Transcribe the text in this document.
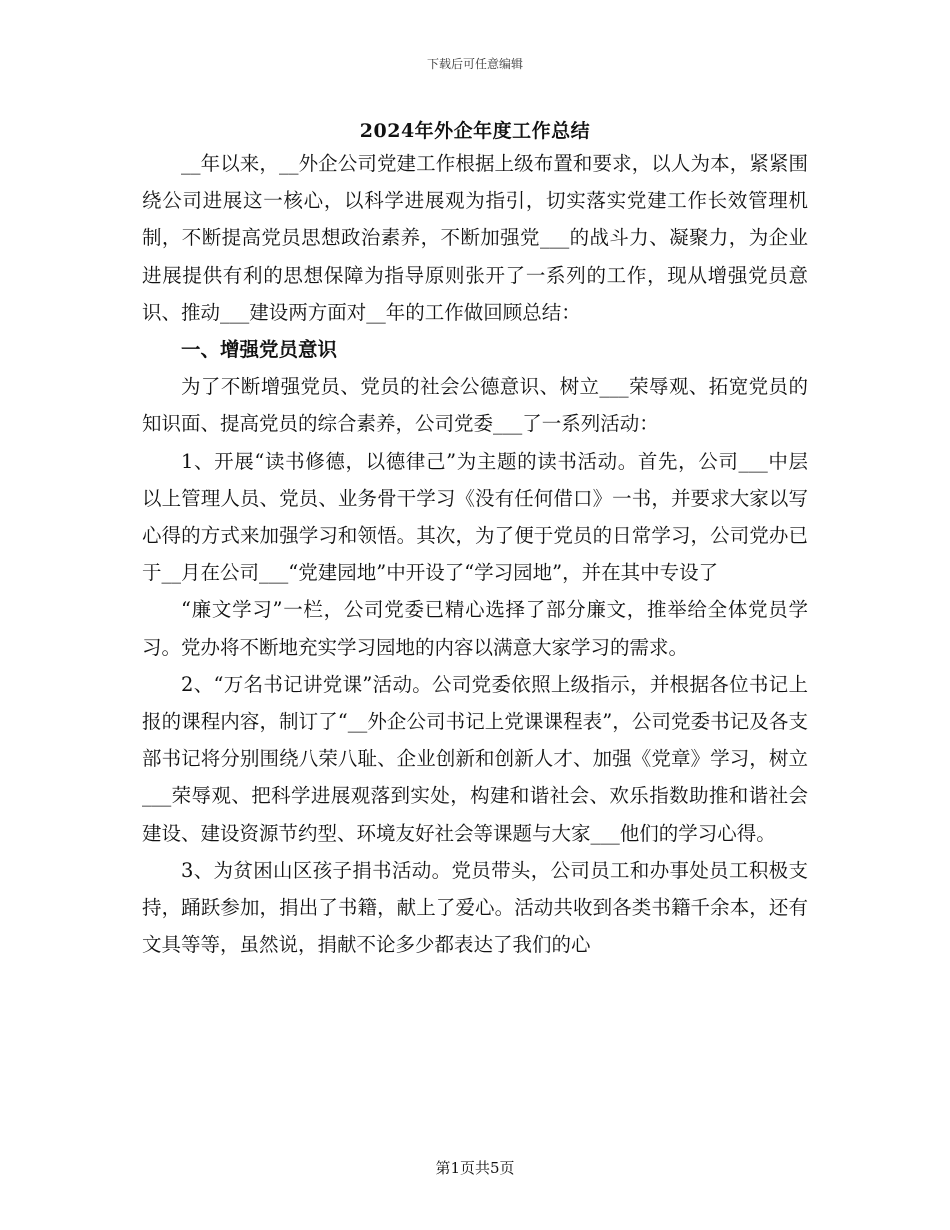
下载后可任意编辑
2024年外企年度工作总结

__年以来，__外企公司党建工作根据上级布置和要求，以人为本，紧紧围绕公司进展这一核心，以科学进展观为指引，切实落实党建工作长效管理机制，不断提高党员思想政治素养，不断加强党___的战斗力、凝聚力，为企业进展提供有利的思想保障为指导原则张开了一系列的工作，现从增强党员意识、推动___建设两方面对__年的工作做回顾总结：

一、增强党员意识

为了不断增强党员、党员的社会公德意识、树立___荣辱观、拓宽党员的知识面、提高党员的综合素养，公司党委___了一系列活动：

1、开展“读书修德，以德律己”为主题的读书活动。首先，公司___中层以上管理人员、党员、业务骨干学习《没有任何借口》一书，并要求大家以写心得的方式来加强学习和领悟。其次，为了便于党员的日常学习，公司党办已于__月在公司___“党建园地”中开设了“学习园地”，并在其中专设了

“廉文学习”一栏，公司党委已精心选择了部分廉文，推举给全体党员学习。党办将不断地充实学习园地的内容以满意大家学习的需求。

2、“万名书记讲党课”活动。公司党委依照上级指示，并根据各位书记上报的课程内容，制订了“__外企公司书记上党课课程表”，公司党委书记及各支部书记将分别围绕八荣八耻、企业创新和创新人才、加强《党章》学习，树立___荣辱观、把科学进展观落到实处，构建和谐社会、欢乐指数助推和谐社会建设、建设资源节约型、环境友好社会等课题与大家___他们的学习心得。

3、为贫困山区孩子捐书活动。党员带头，公司员工和办事处员工积极支持，踊跃参加，捐出了书籍，献上了爱心。活动共收到各类书籍千余本，还有文具等等，虽然说，捐献不论多少都表达了我们的心

第1页共5页
